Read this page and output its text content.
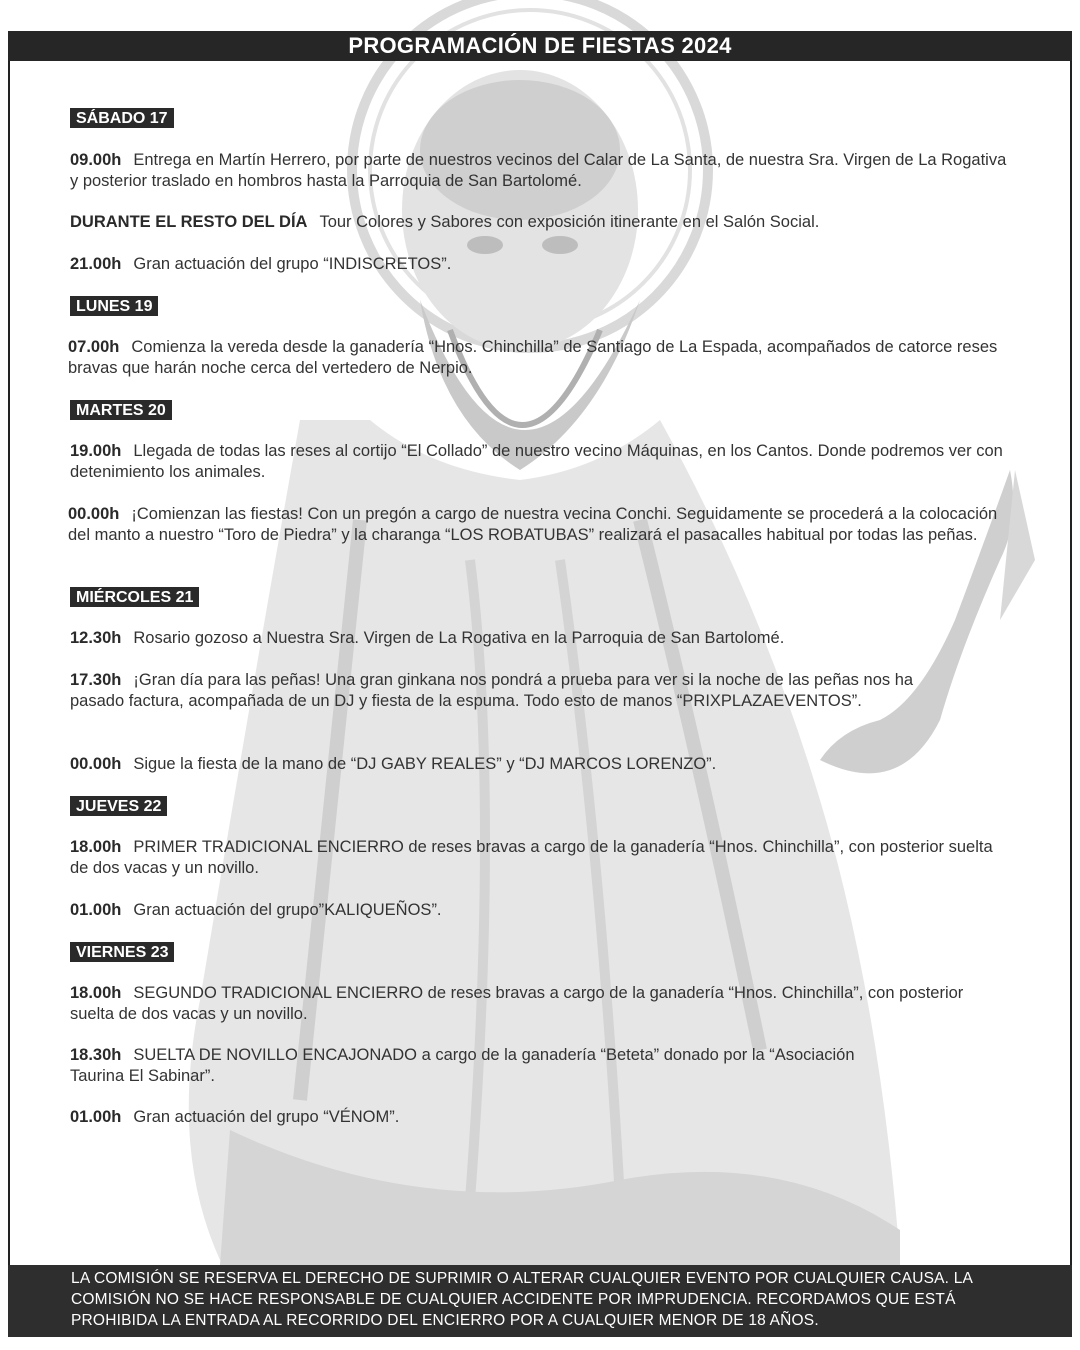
PROGRAMACIÓN DE FIESTAS 2024
SÁBADO 17
09.00h Entrega en Martín Herrero, por parte de nuestros vecinos del Calar de La Santa, de nuestra Sra. Virgen de La Rogativa y posterior traslado en hombros hasta la Parroquia de San Bartolomé.
DURANTE EL RESTO DEL DÍA Tour Colores y Sabores con exposición itinerante en el Salón Social.
21.00h Gran actuación del grupo “INDISCRETOS”.
LUNES 19
07.00h Comienza la vereda desde la ganadería “Hnos. Chinchilla” de Santiago de La Espada, acompañados de catorce reses bravas que harán noche cerca del vertedero de Nerpio.
MARTES 20
19.00h Llegada de todas las reses al cortijo “El Collado” de nuestro vecino Máquinas, en los Cantos. Donde podremos ver con detenimiento los animales.
00.00h ¡Comienzan las fiestas! Con un pregón a cargo de nuestra vecina Conchi. Seguidamente se procederá a la colocación del manto a nuestro “Toro de Piedra” y la charanga “LOS ROBATUBAS” realizará el pasacalles habitual por todas las peñas.
MIÉRCOLES 21
12.30h Rosario gozoso a Nuestra Sra. Virgen de La Rogativa en la Parroquia de San Bartolomé.
17.30h ¡Gran día para las peñas! Una gran ginkana nos pondrá a prueba para ver si la noche de las peñas nos ha pasado factura, acompañada de un DJ y fiesta de la espuma. Todo esto de manos “PRIXPLAZAEVENTOS”.
00.00h Sigue la fiesta de la mano de “DJ GABY REALES” y “DJ MARCOS LORENZO”.
JUEVES 22
18.00h PRIMER TRADICIONAL ENCIERRO de reses bravas a cargo de la ganadería “Hnos. Chinchilla”, con posterior suelta de dos vacas y un novillo.
01.00h Gran actuación del grupo”KALIQUEÑOS”.
VIERNES 23
18.00h SEGUNDO TRADICIONAL ENCIERRO de reses bravas a cargo de la ganadería “Hnos. Chinchilla”, con posterior suelta de dos vacas y un novillo.
18.30h SUELTA DE NOVILLO ENCAJONADO a cargo de la ganadería “Beteta” donado por la “Asociación Taurina El Sabinar”.
01.00h Gran actuación del grupo “VÉNOM”.
LA COMISIÓN SE RESERVA EL DERECHO DE SUPRIMIR O ALTERAR CUALQUIER EVENTO POR CUALQUIER CAUSA. LA COMISIÓN NO SE HACE RESPONSABLE DE CUALQUIER ACCIDENTE POR IMPRUDENCIA. RECORDAMOS QUE ESTÁ PROHIBIDA LA ENTRADA AL RECORRIDO DEL ENCIERRO POR A CUALQUIER MENOR DE 18 AÑOS.
